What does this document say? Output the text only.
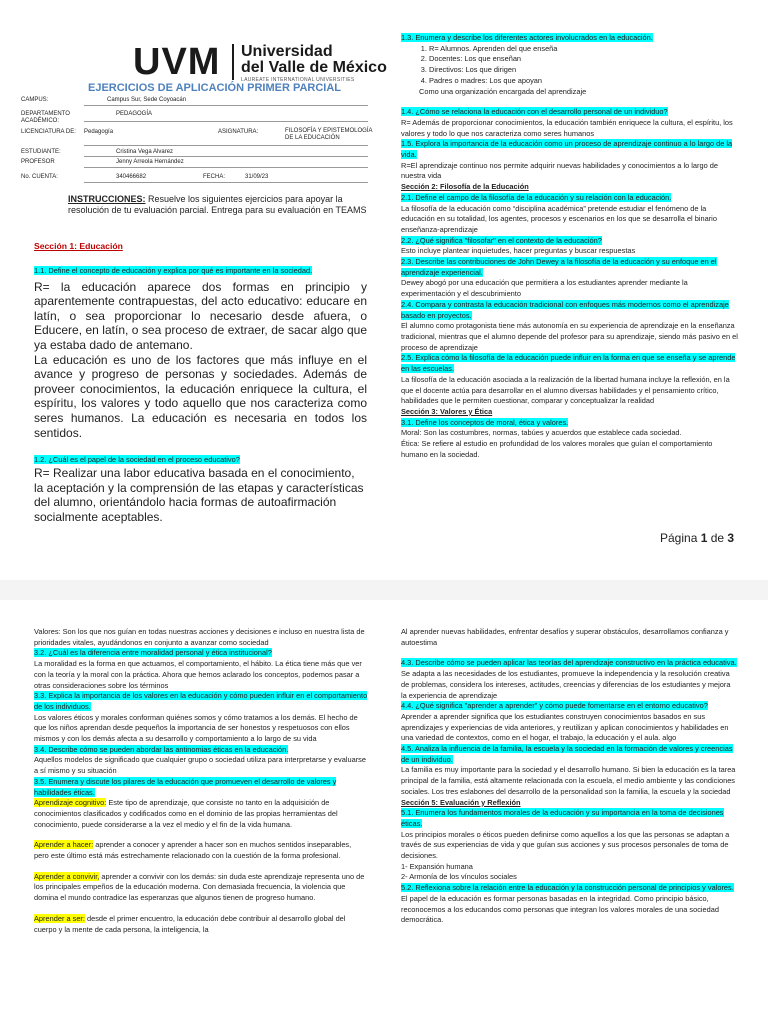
UVM Universidad
del Valle de México
LAUREATE INTERNATIONAL UNIVERSITIES
EJERCICIOS DE APLICACIÓN PRIMER PARCIAL
CAMPUS:	Campus Sur, Sede Coyoacán
DEPARTAMENTO ACADÉMICO:
PEDAGOGÍA
LICENCIATURA DE:	Pedagogía	ASIGNATURA:	FILOSOFÍA Y EPISTEMOLOGÍA DE LA EDUCACIÓN
ESTUDIANTE:	Cristina Vega Alvarez
PROFESOR	Jenny Arreola Hernández
No. CUENTA:	340466682	FECHA:	31/09/23
INSTRUCCIONES: Resuelve los siguientes ejercicios para apoyar la resolución de tu evaluación parcial. Entrega para su evaluación en TEAMS
Sección 1: Educación
1.1. Define el concepto de educación y explica por qué es importante en la sociedad.
R= la educación aparece dos formas en principio y aparentemente contrapuestas, del acto educativo: educare en latín, o sea proporcionar lo necesario desde afuera, o Educere, en latín, o sea proceso de extraer, de sacar algo que ya estaba dado de antemano.
La educación es uno de los factores que más influye en el avance y progreso de personas y sociedades. Además de proveer conocimientos, la educación enriquece la cultura, el espíritu, los valores y todo aquello que nos caracteriza como seres humanos. La educación es necesaria en todos los sentidos.
1.2. ¿Cuál es el papel de la sociedad en el proceso educativo?
R= Realizar una labor educativa basada en el conocimiento, la aceptación y la comprensión de las etapas y características del alumno, orientándolo hacia formas de autoafirmación socialmente aceptables.
1.3. Enumera y describe los diferentes actores involucrados en la educación.
1. R= Alumnos. Aprenden del que enseña
2. Docentes: Los que enseñan
3. Directivos: Los que dirigen
4. Padres o madres: Los que apoyan
Como una organización encargada del aprendizaje
1.4. ¿Cómo se relaciona la educación con el desarrollo personal de un individuo?
R= Además de proporcionar conocimientos, la educación también enriquece la cultura, el espíritu, los valores y todo lo que nos caracteriza como seres humanos
1.5. Explora la importancia de la educación como un proceso de aprendizaje continuo a lo largo de la vida.
R=El aprendizaje continuo nos permite adquirir nuevas habilidades y conocimientos a lo largo de nuestra vida
Sección 2: Filosofía de la Educación
2.1. Define el campo de la filosofía de la educación y su relación con la educación.
La filosofía de la educación como “disciplina académica” pretende estudiar el fenómeno de la educación en su totalidad, los agentes, procesos y escenarios en los que se desarrolla el binario enseñanza-aprendizaje
2.2. ¿Qué significa "filosofar" en el contexto de la educación?
Esto incluye plantear inquietudes, hacer preguntas y buscar respuestas
2.3. Describe las contribuciones de John Dewey a la filosofía de la educación y su enfoque en el aprendizaje experiencial.
Dewey abogó por una educación que permitiera a los estudiantes aprender mediante la experimentación y el descubrimiento
2.4. Compara y contrasta la educación tradicional con enfoques más modernos como el aprendizaje basado en proyectos.
El alumno como protagonista tiene más autonomía en su experiencia de aprendizaje en la enseñanza tradicional, mientras que el alumno depende del profesor para su aprendizaje, siendo más pasivo en el proceso de aprendizaje
2.5. Explica cómo la filosofía de la educación puede influir en la forma en que se enseña y se aprende en las escuelas.
La filosofía de la educación asociada a la realización de la libertad humana incluye la reflexión, en la que el docente actúa para desarrollar en el alumno diversas habilidades y el pensamiento crítico, habilidades que le permiten cuestionar, comparar y conceptualizar la realidad
Sección 3: Valores y Ética
3.1. Define los conceptos de moral, ética y valores.
Moral: Son las costumbres, normas, tabúes y acuerdos que establece cada sociedad.
Ética: Se refiere al estudio en profundidad de los valores morales que guían el comportamiento humano en la sociedad.
Página 1 de 3
Valores: Son los que nos guían en todas nuestras acciones y decisiones e incluso en nuestra lista de prioridades vitales, ayudándonos en conjunto a avanzar como sociedad
3.2. ¿Cuál es la diferencia entre moralidad personal y ética institucional?
La moralidad es la forma en que actuamos, el comportamiento, el hábito. La ética tiene más que ver con la teoría y la moral con la práctica. Ahora que hemos aclarado los conceptos, podemos pasar a otras consideraciones sobre los términos
3.3. Explica la importancia de los valores en la educación y cómo pueden influir en el comportamiento de los individuos.
Los valores éticos y morales conforman quiénes somos y cómo tratamos a los demás. El hecho de que los niños aprendan desde pequeños la importancia de ser honestos y respetuosos con ellos mismos y con los demás afecta a su desarrollo y comportamiento a lo largo de su vida
3.4. Describe cómo se pueden abordar las antinomias éticas en la educación.
Aquellos modelos de significado que cualquier grupo o sociedad utiliza para interpretarse y evaluarse a sí mismo y su situación
3.5. Enumera y discute los pilares de la educación que promueven el desarrollo de valores y habilidades éticas.
Aprendizaje cognitivo: Este tipo de aprendizaje, que consiste no tanto en la adquisición de conocimientos clasificados y codificados como en el dominio de las propias herramientas del conocimiento, puede considerarse a la vez el medio y el fin de la vida humana.
Aprender a hacer: aprender a conocer y aprender a hacer son en muchos sentidos inseparables, pero este último está más estrechamente relacionado con la cuestión de la forma profesional.
Aprender a convivir, aprender a convivir con los demás: sin duda este aprendizaje representa uno de los principales empeños de la educación moderna. Con demasiada frecuencia, la violencia que domina el mundo contradice las esperanzas que algunos tienen de progreso humano.
Aprender a ser: desde el primer encuentro, la educación debe contribuir al desarrollo global del cuerpo y la mente de cada persona, la inteligencia, la
Al aprender nuevas habilidades, enfrentar desafíos y superar obstáculos, desarrollamos confianza y autoestima
4.3. Describe cómo se pueden aplicar las teorías del aprendizaje constructivo en la práctica educativa.
Se adapta a las necesidades de los estudiantes, promueve la independencia y la resolución creativa de problemas, considera los intereses, actitudes, creencias y diferencias de los estudiantes y mejora la experiencia de aprendizaje
4.4. ¿Qué significa "aprender a aprender" y cómo puede fomentarse en el entorno educativo?
Aprender a aprender significa que los estudiantes construyen conocimientos basados en sus aprendizajes y experiencias de vida anteriores, y reutilizan y aplican conocimientos y habilidades en una variedad de contextos, como en el hogar, el trabajo, la educación y el aula. algo
4.5. Analiza la influencia de la familia, la escuela y la sociedad en la formación de valores y creencias de un individuo.
La familia es muy importante para la sociedad y el desarrollo humano. Si bien la educación es la tarea principal de la familia, está altamente relacionada con la escuela, el medio ambiente y las condiciones sociales. Los tres eslabones del desarrollo de la personalidad son la familia, la escuela y la sociedad
Sección 5: Evaluación y Reflexión
5.1. Enumera los fundamentos morales de la educación y su importancia en la toma de decisiones éticas.
Los principios morales o éticos pueden definirse como aquellos a los que las personas se adaptan a través de sus experiencias de vida y que guían sus acciones y sus procesos personales de toma de decisiones.
1- Expansión humana
2- Armonía de los vínculos sociales
5.2. Reflexiona sobre la relación entre la educación y la construcción personal de principios y valores.
El papel de la educación es formar personas basadas en la integridad. Como principio básico, reconocemos a los educandos como personas que integran los valores morales de una sociedad democrática.
